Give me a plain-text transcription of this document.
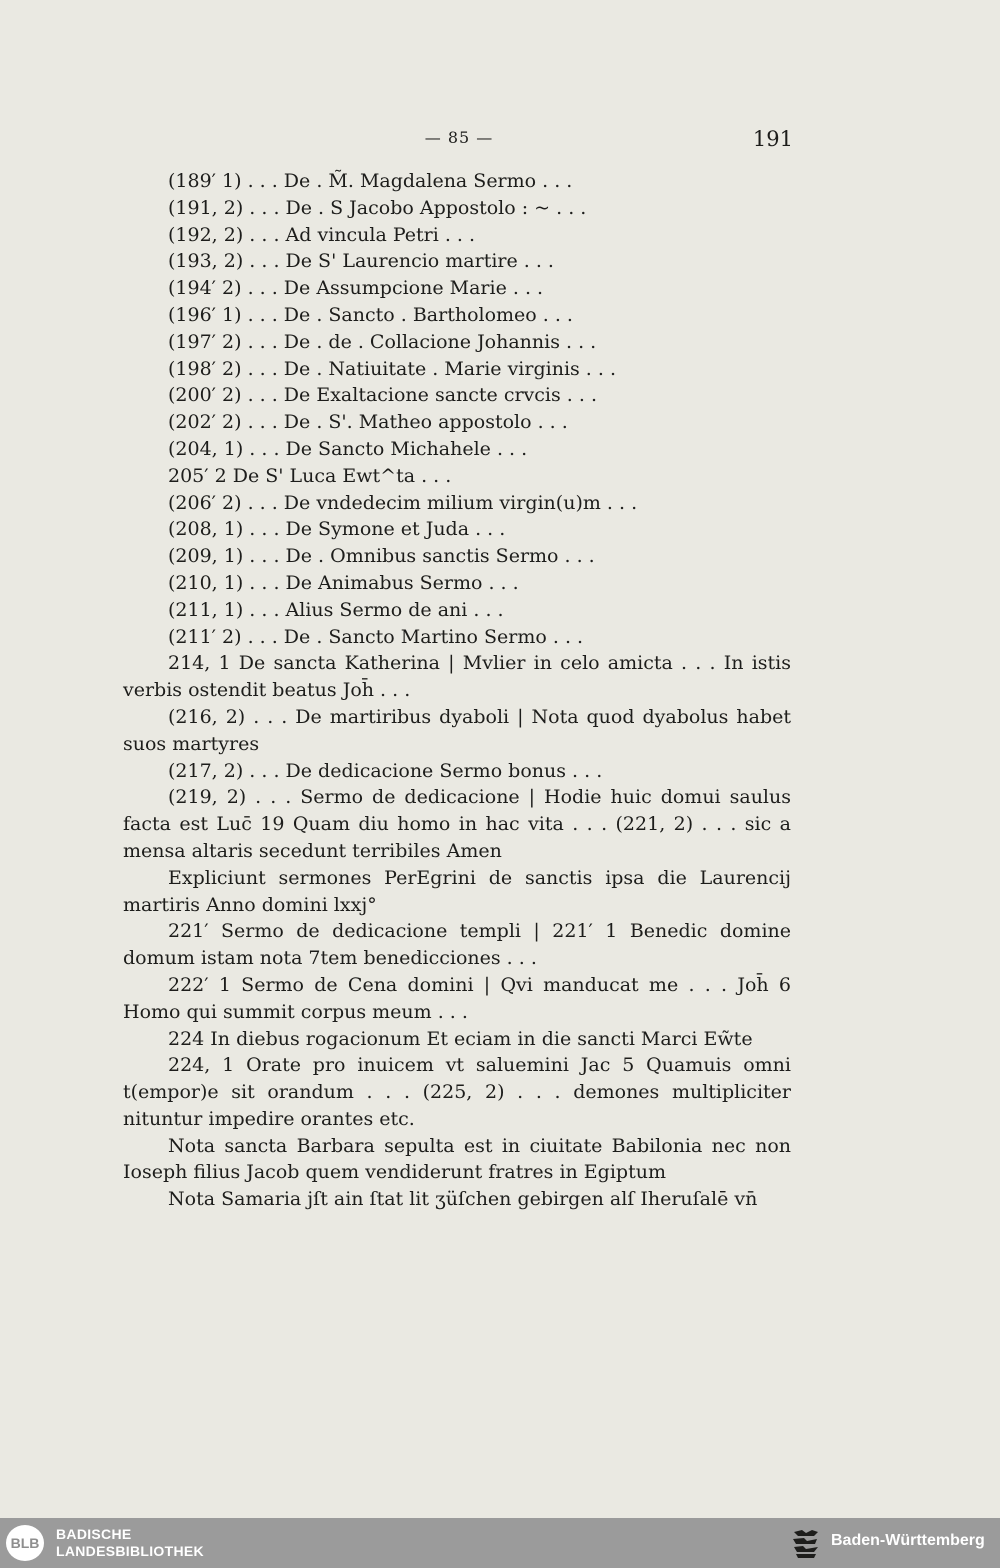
— 85 —	191
(189′ 1) . . . De . M̃. Magdalena Sermo . . .
(191, 2) . . . De . S Jacobo Appostolo : ~ . . .
(192, 2) . . . Ad vincula Petri . . .
(193, 2) . . . De S' Laurencio martire . . .
(194′ 2) . . . De Assumpcione Marie . . .
(196′ 1) . . . De . Sancto . Bartholomeo . . .
(197′ 2) . . . De . de . Collacione Johannis . . .
(198′ 2) . . . De . Natiuitate . Marie virginis . . .
(200′ 2) . . . De Exaltacione sancte crvcis . . .
(202′ 2) . . . De . S'. Matheo appostolo . . .
(204, 1) . . . De Sancto Michahele . . .
205′ 2 De S' Luca Ewt^ta . . .
(206′ 2) . . . De vndedecim milium virgin(u)m . . .
(208, 1) . . . De Symone et Juda . . .
(209, 1) . . . De . Omnibus sanctis Sermo . . .
(210, 1) . . . De Animabus Sermo . . .
(211, 1) . . . Alius Sermo de ani . . .
(211′ 2) . . . De . Sancto Martino Sermo . . .

214, 1 De sancta Katherina | Mvlier in celo amicta . . . In istis verbis ostendit beatus Joh̄ . . .

(216, 2) . . . De martiribus dyaboli | Nota quod dyabolus habet suos martyres

(217, 2) . . . De dedicacione Sermo bonus . . .

(219, 2) . . . Sermo de dedicacione | Hodie huic domui saulus facta est Luc̄ 19 Quam diu homo in hac vita . . . (221, 2) . . . sic a mensa altaris secedunt terribiles Amen

Expliciunt sermones PerEgrini de sanctis ipsa die Laurencij martiris Anno domini lxxj°

221′ Sermo de dedicacione templi | 221′ 1 Benedic domine domum istam nota 7tem benedicciones . . .

222′ 1 Sermo de Cena domini | Qvi manducat me . . . Joh̄ 6 Homo qui summit corpus meum . . .

224 In diebus rogacionum Et eciam in die sancti Marci Ew̃te

224, 1 Orate pro inuicem vt saluemini Jac 5 Quamuis omni t(empor)e sit orandum . . . (225, 2) . . . demones multipliciter nituntur impedire orantes etc.

Nota sancta Barbara sepulta est in ciuitate Babilonia nec non Ioseph filius Jacob quem vendiderunt fratres in Egiptum

Nota Samaria jſt ain ſtat lit ʒüſchen gebirgen alſ Iheruſalē vn̄

BLB
BADISCHE
LANDESBIBLIOTHEK
Baden-Württemberg
